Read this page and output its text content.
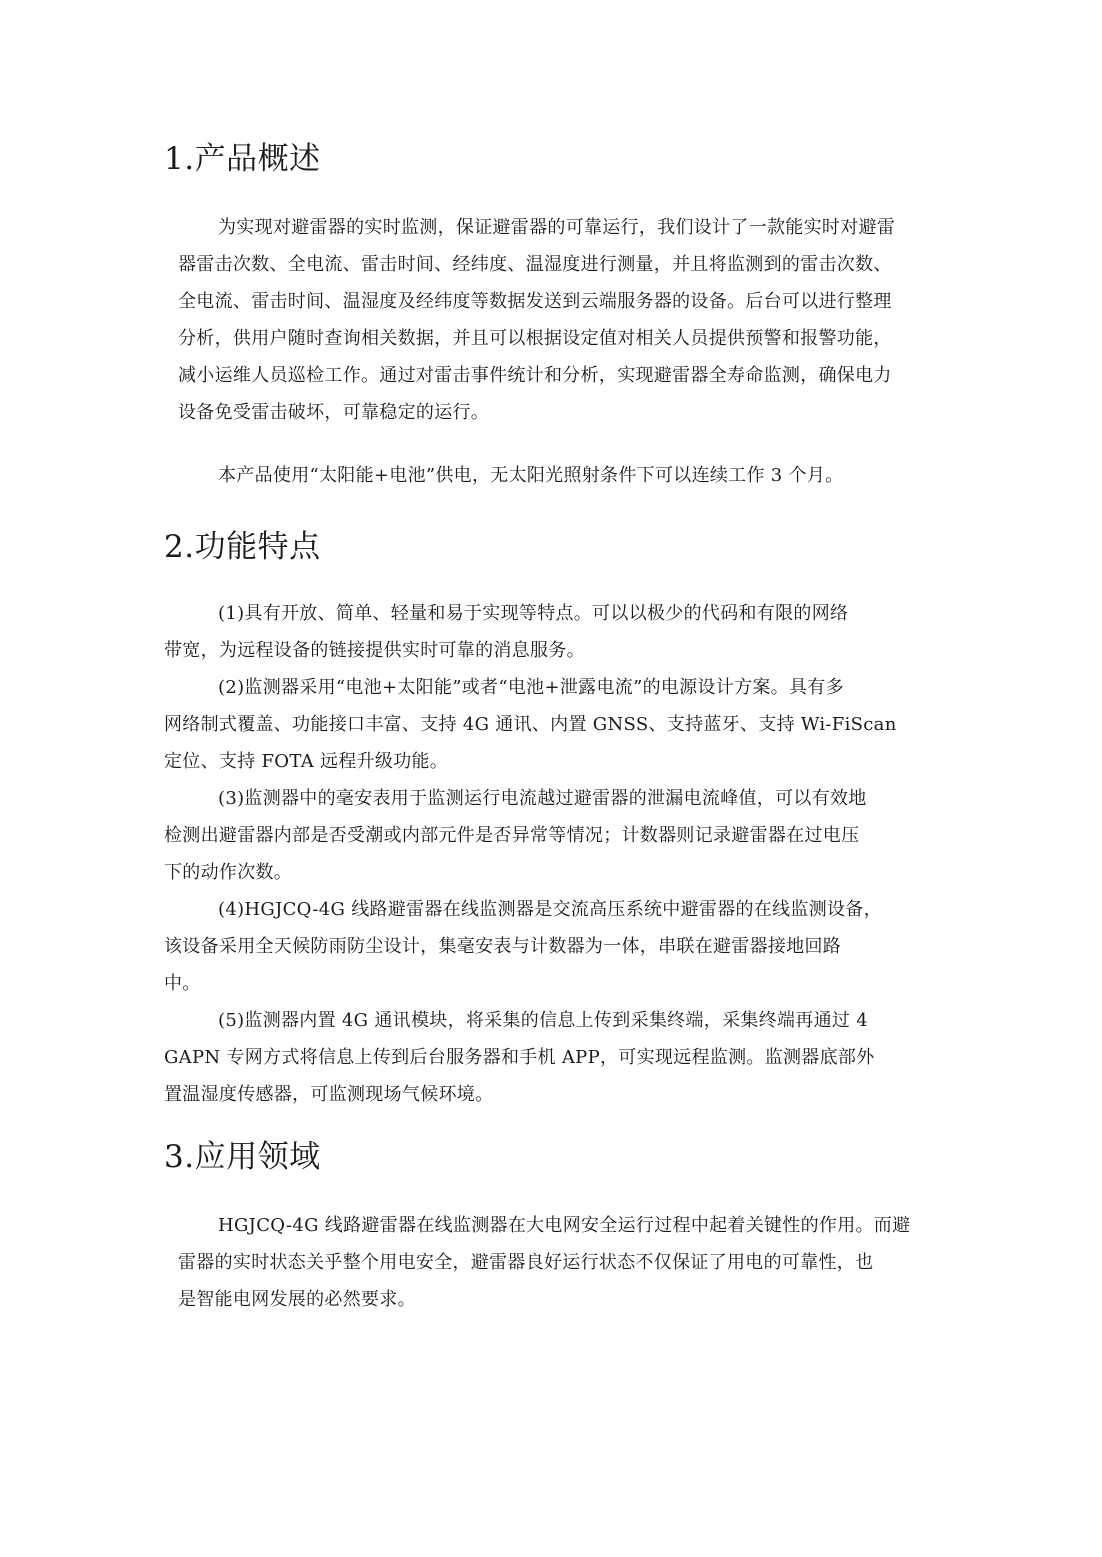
1.产品概述

为实现对避雷器的实时监测，保证避雷器的可靠运行，我们设计了一款能实时对避雷

器雷击次数、全电流、雷击时间、经纬度、温湿度进行测量，并且将监测到的雷击次数、

全电流、雷击时间、温湿度及经纬度等数据发送到云端服务器的设备。后台可以进行整理

分析，供用户随时查询相关数据，并且可以根据设定值对相关人员提供预警和报警功能，

减小运维人员巡检工作。通过对雷击事件统计和分析，实现避雷器全寿命监测，确保电力

设备免受雷击破坏，可靠稳定的运行。

本产品使用“太阳能+电池”供电，无太阳光照射条件下可以连续工作 3 个月。

2.功能特点

(1)具有开放、简单、轻量和易于实现等特点。可以以极少的代码和有限的网络

带宽，为远程设备的链接提供实时可靠的消息服务。

(2)监测器采用“电池+太阳能”或者“电池+泄露电流”的电源设计方案。具有多

网络制式覆盖、功能接口丰富、支持 4G 通讯、内置 GNSS、支持蓝牙、支持 Wi-FiScan

定位、支持 FOTA 远程升级功能。

(3)监测器中的毫安表用于监测运行电流越过避雷器的泄漏电流峰值，可以有效地

检测出避雷器内部是否受潮或内部元件是否异常等情况；计数器则记录避雷器在过电压

下的动作次数。

(4)HGJCQ-4G 线路避雷器在线监测器是交流高压系统中避雷器的在线监测设备，

该设备采用全天候防雨防尘设计，集毫安表与计数器为一体，串联在避雷器接地回路

中。

(5)监测器内置 4G 通讯模块，将采集的信息上传到采集终端，采集终端再通过 4

GAPN 专网方式将信息上传到后台服务器和手机 APP，可实现远程监测。监测器底部外

置温湿度传感器，可监测现场气候环境。

3.应用领域

HGJCQ-4G 线路避雷器在线监测器在大电网安全运行过程中起着关键性的作用。而避

雷器的实时状态关乎整个用电安全，避雷器良好运行状态不仅保证了用电的可靠性，也

是智能电网发展的必然要求。
